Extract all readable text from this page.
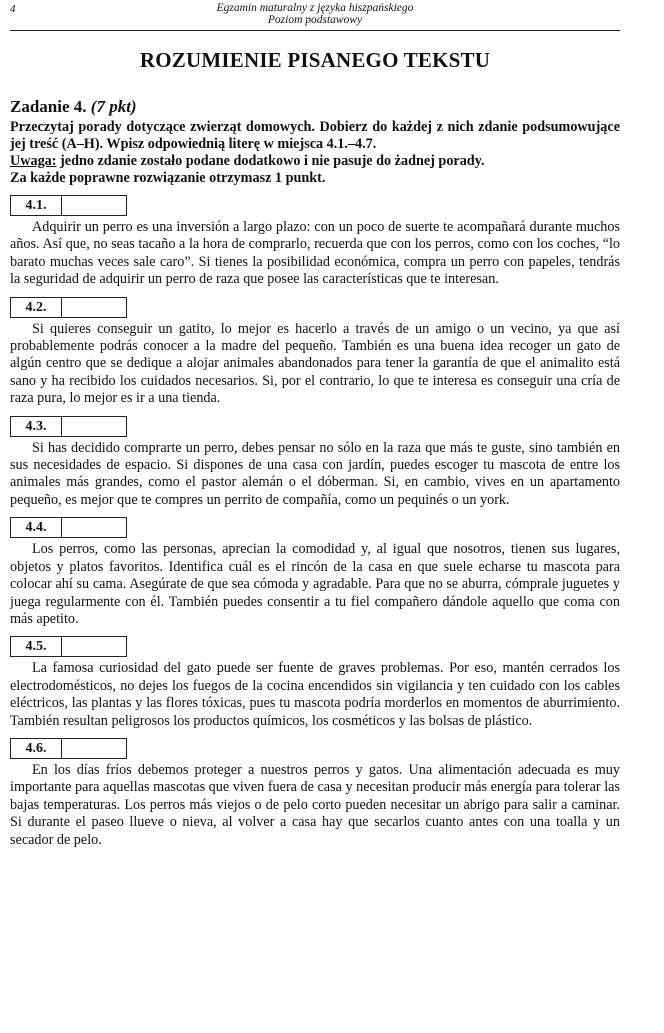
4	Egzamin maturalny z języka hiszpańskiego
Poziom podstawowy
ROZUMIENIE PISANEGO TEKSTU
Zadanie 4. (7 pkt)
Przeczytaj porady dotyczące zwierząt domowych. Dobierz do każdej z nich zdanie podsumowujące jej treść (A–H). Wpisz odpowiednią literę w miejsca 4.1.–4.7.
Uwaga: jedno zdanie zostało podane dodatkowo i nie pasuje do żadnej porady.
Za każde poprawne rozwiązanie otrzymasz 1 punkt.
4.1.

Adquirir un perro es una inversión a largo plazo: con un poco de suerte te acompañará durante muchos años. Así que, no seas tacaño a la hora de comprarlo, recuerda que con los perros, como con los coches, “lo barato muchas veces sale caro”. Si tienes la posibilidad económica, compra un perro con papeles, tendrás la seguridad de adquirir un perro de raza que posee las características que te interesan.

4.2.

Si quieres conseguir un gatito, lo mejor es hacerlo a través de un amigo o un vecino, ya que así probablemente podrás conocer a la madre del pequeño. También es una buena idea recoger un gato de algún centro que se dedique a alojar animales abandonados para tener la garantía de que el animalito está sano y ha recibido los cuidados necesarios. Si, por el contrario, lo que te interesa es conseguir una cría de raza pura, lo mejor es ir a una tienda.

4.3.

Si has decidido comprarte un perro, debes pensar no sólo en la raza que más te guste, sino también en sus necesidades de espacio. Si dispones de una casa con jardín, puedes escoger tu mascota de entre los animales más grandes, como el pastor alemán o el dóberman. Si, en cambio, vives en un apartamento pequeño, es mejor que te compres un perrito de compañía, como un pequinés o un york.

4.4.

Los perros, como las personas, aprecian la comodidad y, al igual que nosotros, tienen sus lugares, objetos y platos favoritos. Identifica cuál es el rincón de la casa en que suele echarse tu mascota para colocar ahí su cama. Asegúrate de que sea cómoda y agradable. Para que no se aburra, cómprale juguetes y juega regularmente con él. También puedes consentir a tu fiel compañero dándole aquello que coma con más apetito.

4.5.

La famosa curiosidad del gato puede ser fuente de graves problemas. Por eso, mantén cerrados los electrodomésticos, no dejes los fuegos de la cocina encendidos sin vigilancia y ten cuidado con los cables eléctricos, las plantas y las flores tóxicas, pues tu mascota podría morderlos en momentos de aburrimiento. También resultan peligrosos los productos químicos, los cosméticos y las bolsas de plástico.

4.6.

En los días fríos debemos proteger a nuestros perros y gatos. Una alimentación adecuada es muy importante para aquellas mascotas que viven fuera de casa y necesitan producir más energía para tolerar las bajas temperaturas. Los perros más viejos o de pelo corto pueden necesitar un abrigo para salir a caminar. Si durante el paseo llueve o nieva, al volver a casa hay que secarlos cuanto antes con una toalla y un secador de pelo.
